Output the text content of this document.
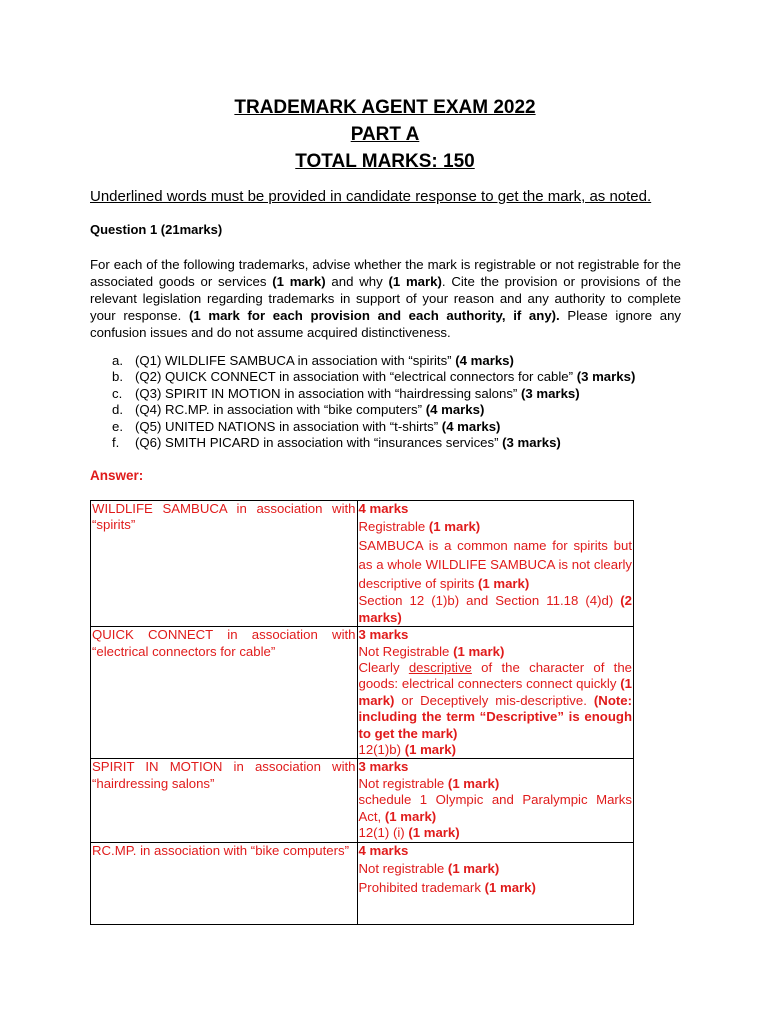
TRADEMARK AGENT EXAM 2022
PART A
TOTAL MARKS: 150
Underlined words must be provided in candidate response to get the mark, as noted.
Question 1 (21marks)
For each of the following trademarks, advise whether the mark is registrable or not registrable for the associated goods or services (1 mark) and why (1 mark). Cite the provision or provisions of the relevant legislation regarding trademarks in support of your reason and any authority to complete your response. (1 mark for each provision and each authority, if any). Please ignore any confusion issues and do not assume acquired distinctiveness.
a. (Q1) WILDLIFE SAMBUCA in association with “spirits” (4 marks)
b. (Q2) QUICK CONNECT in association with “electrical connectors for cable” (3 marks)
c. (Q3) SPIRIT IN MOTION in association with “hairdressing salons” (3 marks)
d. (Q4) RC.MP. in association with “bike computers” (4 marks)
e. (Q5) UNITED NATIONS in association with “t-shirts” (4 marks)
f. (Q6) SMITH PICARD in association with “insurances services” (3 marks)
Answer:
WILDLIFE SAMBUCA in association with “spirits”	4 marks
Registrable (1 mark)
SAMBUCA is a common name for spirits but as a whole WILDLIFE SAMBUCA is not clearly descriptive of spirits (1 mark)
Section 12 (1)b) and Section 11.18 (4)d) (2 marks)

QUICK CONNECT in association with “electrical connectors for cable”	3 marks
Not Registrable (1 mark)
Clearly descriptive of the character of the goods: electrical connecters connect quickly (1 mark) or Deceptively mis-descriptive. (Note: including the term “Descriptive” is enough to get the mark)
12(1)b) (1 mark)

SPIRIT IN MOTION in association with “hairdressing salons”	3 marks
Not registrable (1 mark)
schedule 1 Olympic and Paralympic Marks Act, (1 mark)
12(1) (i) (1 mark)

RC.MP. in association with “bike computers”	4 marks
Not registrable (1 mark)
Prohibited trademark (1 mark)
